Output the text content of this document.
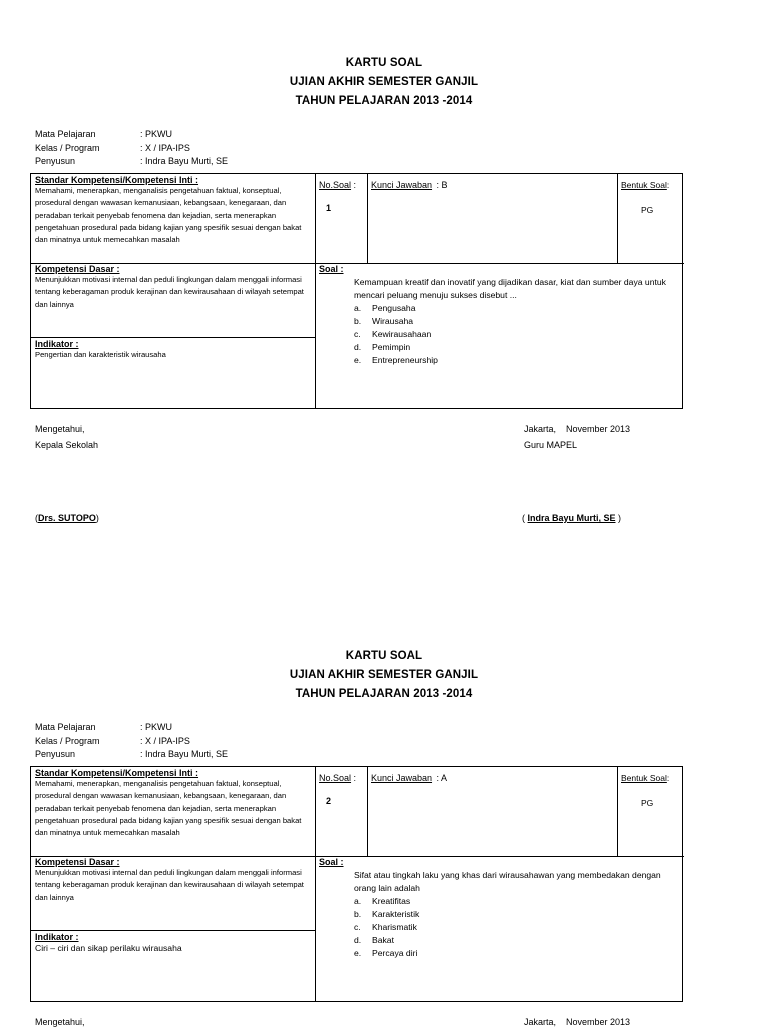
KARTU SOAL
UJIAN AKHIR SEMESTER GANJIL
TAHUN PELAJARAN 2013 -2014
Mata Pelajaran	: PKWU
Kelas / Program	: X / IPA-IPS
Penyusun	: Indra Bayu Murti, SE
Standar Kompetensi/Kompetensi Inti :
Memahami, menerapkan, menganalisis pengetahuan faktual, konseptual, prosedural dengan wawasan kemanusiaan, kebangsaan, kenegaraan, dan peradaban terkait penyebab fenomena dan kejadian, serta menerapkan pengetahuan prosedural pada bidang kajian yang spesifik sesuai dengan bakat dan minatnya untuk memecahkan masalah
No.Soal :
1
Kunci Jawaban : B	Bentuk Soal:
PG
Kompetensi Dasar :
Menunjukkan motivasi internal dan peduli lingkungan dalam menggali informasi tentang keberagaman produk kerajinan dan kewirausahaan di wilayah setempat dan lainnya
Indikator :
Pengertian dan karakteristik wirausaha
Soal :
Kemampuan kreatif dan inovatif yang dijadikan dasar, kiat dan sumber daya untuk mencari peluang menuju sukses disebut ...
a.	Pengusaha
b.	Wirausaha
c.	Kewirausahaan
d.	Pemimpin
e.	Entrepreneurship
Mengetahui,
Kepala Sekolah
Jakarta,    November 2013
Guru MAPEL
(Drs. SUTOPO)	( Indra Bayu Murti, SE )
KARTU SOAL
UJIAN AKHIR SEMESTER GANJIL
TAHUN PELAJARAN 2013 -2014
Mata Pelajaran	: PKWU
Kelas / Program	: X / IPA-IPS
Penyusun	: Indra Bayu Murti, SE
Standar Kompetensi/Kompetensi Inti :
Memahami, menerapkan, menganalisis pengetahuan faktual, konseptual, prosedural dengan wawasan kemanusiaan, kebangsaan, kenegaraan, dan peradaban terkait penyebab fenomena dan kejadian, serta menerapkan pengetahuan prosedural pada bidang kajian yang spesifik sesuai dengan bakat dan minatnya untuk memecahkan masalah
No.Soal :
2
Kunci Jawaban : A	Bentuk Soal:
PG
Kompetensi Dasar :
Menunjukkan motivasi internal dan peduli lingkungan dalam menggali informasi tentang keberagaman produk kerajinan dan kewirausahaan di wilayah setempat dan lainnya
Indikator :
Ciri – ciri dan sikap perilaku wirausaha
Soal :
Sifat atau tingkah laku yang khas dari wirausahawan yang membedakan dengan orang lain adalah
a.	Kreatifitas
b.	Karakteristik
c.	Kharismatik
d.	Bakat
e.	Percaya diri
Mengetahui,	Jakarta,    November 2013
